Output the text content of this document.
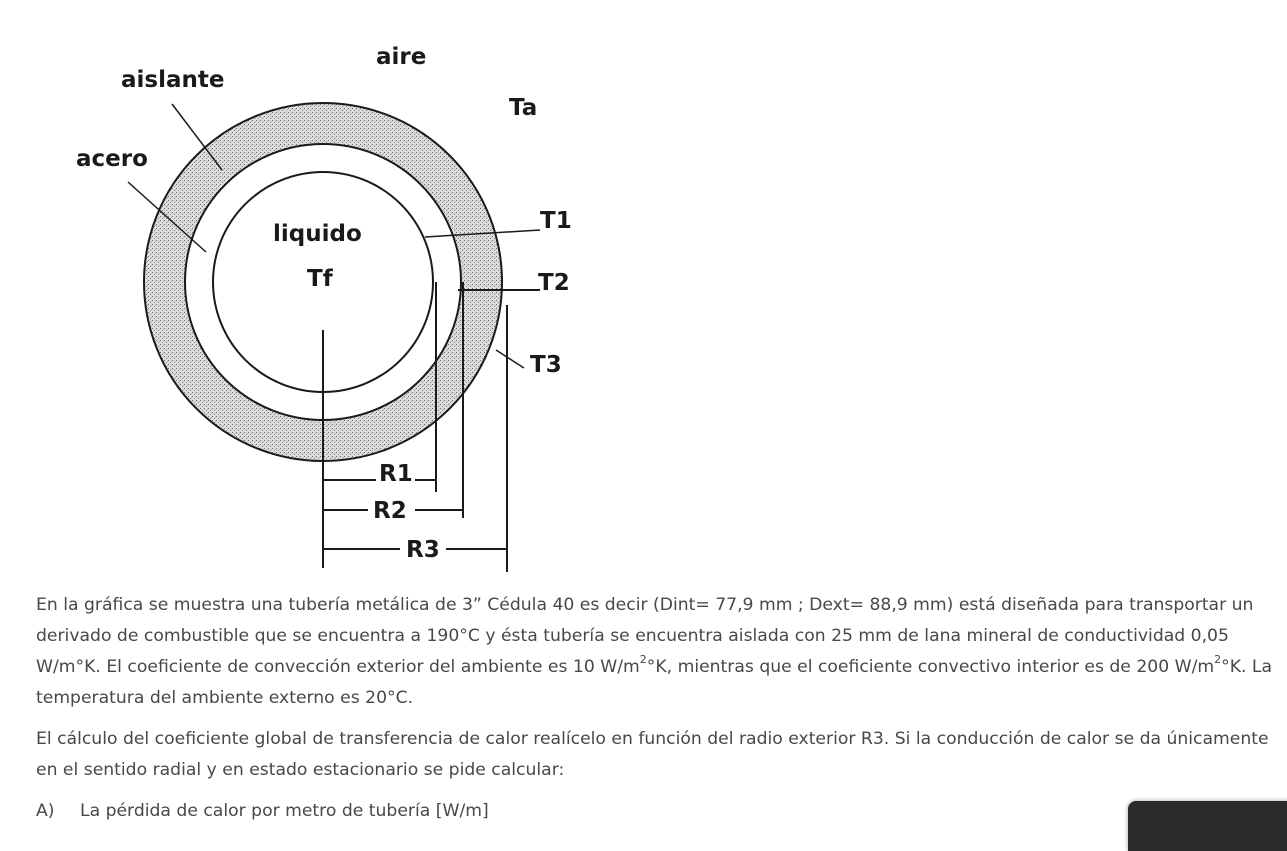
aire
aislante
acero
Ta
liquido
Tf
T1
T2
T3
R1
R2
R3

En la gráfica se muestra una tubería metálica de 3” Cédula 40 es decir (Dint= 77,9 mm ; Dext= 88,9 mm) está diseñada para transportar un derivado de combustible que se encuentra a 190°C y ésta tubería se encuentra aislada con 25 mm de lana mineral de conductividad 0,05 W/m°K. El coeficiente de convección exterior del ambiente es 10 $W/m^2^\circ K$, mientras que el coeficiente convectivo interior es de 200 $W/m^2^\circ K$. La temperatura del ambiente externo es 20°C.

El cálculo del coeficiente global de transferencia de calor realícelo en función del radio exterior R3. Si la conducción de calor se da únicamente en el sentido radial y en estado estacionario se pide calcular:

A)	La pérdida de calor por metro de tubería [W/m]
